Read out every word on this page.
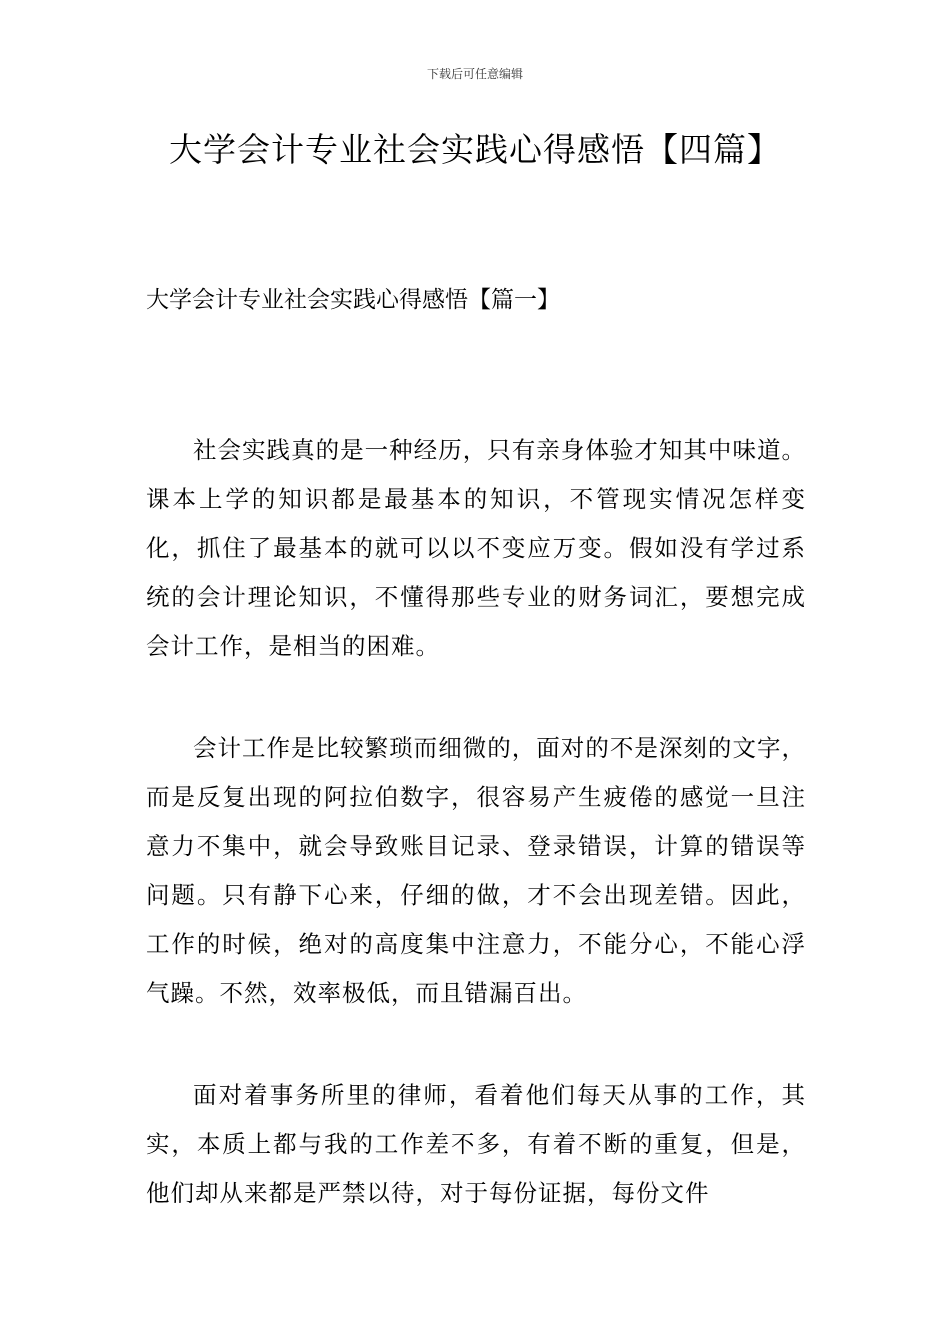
下载后可任意编辑
大学会计专业社会实践心得感悟【四篇】
大学会计专业社会实践心得感悟【篇一】

社会实践真的是一种经历，只有亲身体验才知其中味道。课本上学的知识都是最基本的知识，不管现实情况怎样变化，抓住了最基本的就可以以不变应万变。假如没有学过系统的会计理论知识，不懂得那些专业的财务词汇，要想完成会计工作，是相当的困难。

会计工作是比较繁琐而细微的，面对的不是深刻的文字，而是反复出现的阿拉伯数字，很容易产生疲倦的感觉一旦注意力不集中，就会导致账目记录、登录错误，计算的错误等问题。只有静下心来，仔细的做，才不会出现差错。因此，工作的时候，绝对的高度集中注意力，不能分心，不能心浮气躁。不然，效率极低，而且错漏百出。

面对着事务所里的律师，看着他们每天从事的工作，其实，本质上都与我的工作差不多，有着不断的重复，但是，他们却从来都是严禁以待，对于每份证据，每份文件
